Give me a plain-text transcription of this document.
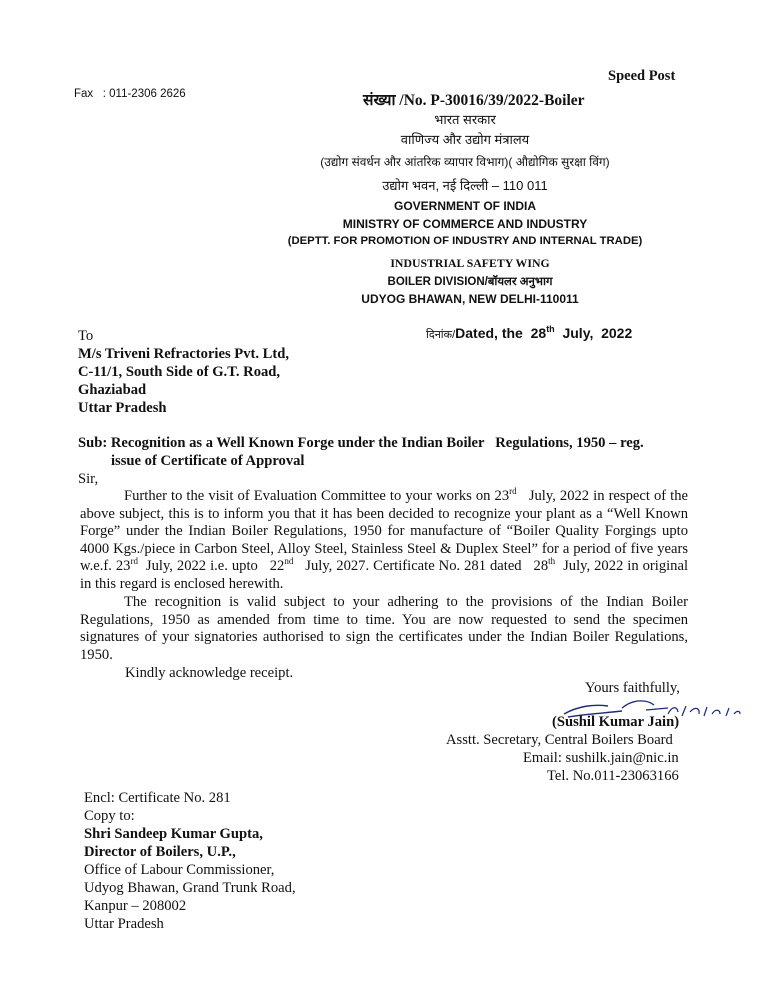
Speed Post
Fax   : 011-2306 2626	संख्या /No. P-30016/39/2022-Boiler
भारत सरकार
वाणिज्य और उद्योग मंत्रालय
(उद्योग संवर्धन और आंतरिक व्यापार विभाग)( औद्योगिक सुरक्षा विंग)
उद्योग भवन, नई दिल्ली – 110 011
GOVERNMENT OF INDIA
MINISTRY OF COMMERCE AND INDUSTRY
(DEPTT. FOR PROMOTION OF INDUSTRY AND INTERNAL TRADE)
INDUSTRIAL SAFETY WING
BOILER DIVISION/बॉयलर अनुभाग
UDYOG BHAWAN, NEW DELHI-110011

दिनांक/Dated, the  28th  July,  2022

To
M/s Triveni Refractories Pvt. Ltd,
C-11/1, South Side of G.T. Road,
Ghaziabad
Uttar Pradesh
Sub: Recognition as a Well Known Forge under the Indian Boiler   Regulations, 1950 – reg.
issue of Certificate of Approval
Sir,
Further to the visit of Evaluation Committee to your works on 23rd   July, 2022 in respect of the above subject, this is to inform you that it has been decided to recognize your plant as a “Well Known Forge” under the Indian Boiler Regulations, 1950 for manufacture of “Boiler Quality Forgings upto 4000 Kgs./piece in Carbon Steel, Alloy Steel, Stainless Steel & Duplex Steel” for a period of five years w.e.f. 23rd  July, 2022 i.e. upto   22nd   July, 2027. Certificate No. 281 dated   28th  July, 2022 in original in this regard is enclosed herewith.
The recognition is valid subject to your adhering to the provisions of the Indian Boiler Regulations, 1950 as amended from time to time. You are now requested to send the specimen signatures of your signatories authorised to sign the certificates under the Indian Boiler Regulations, 1950.
Kindly acknowledge receipt.
Yours faithfully,
(Sushil Kumar Jain)
Asstt. Secretary, Central Boilers Board
Email: sushilk.jain@nic.in
Tel. No.011-23063166
Encl: Certificate No. 281
Copy to:
Shri Sandeep Kumar Gupta,
Director of Boilers, U.P.,
Office of Labour Commissioner,
Udyog Bhawan, Grand Trunk Road,
Kanpur – 208002
Uttar Pradesh
